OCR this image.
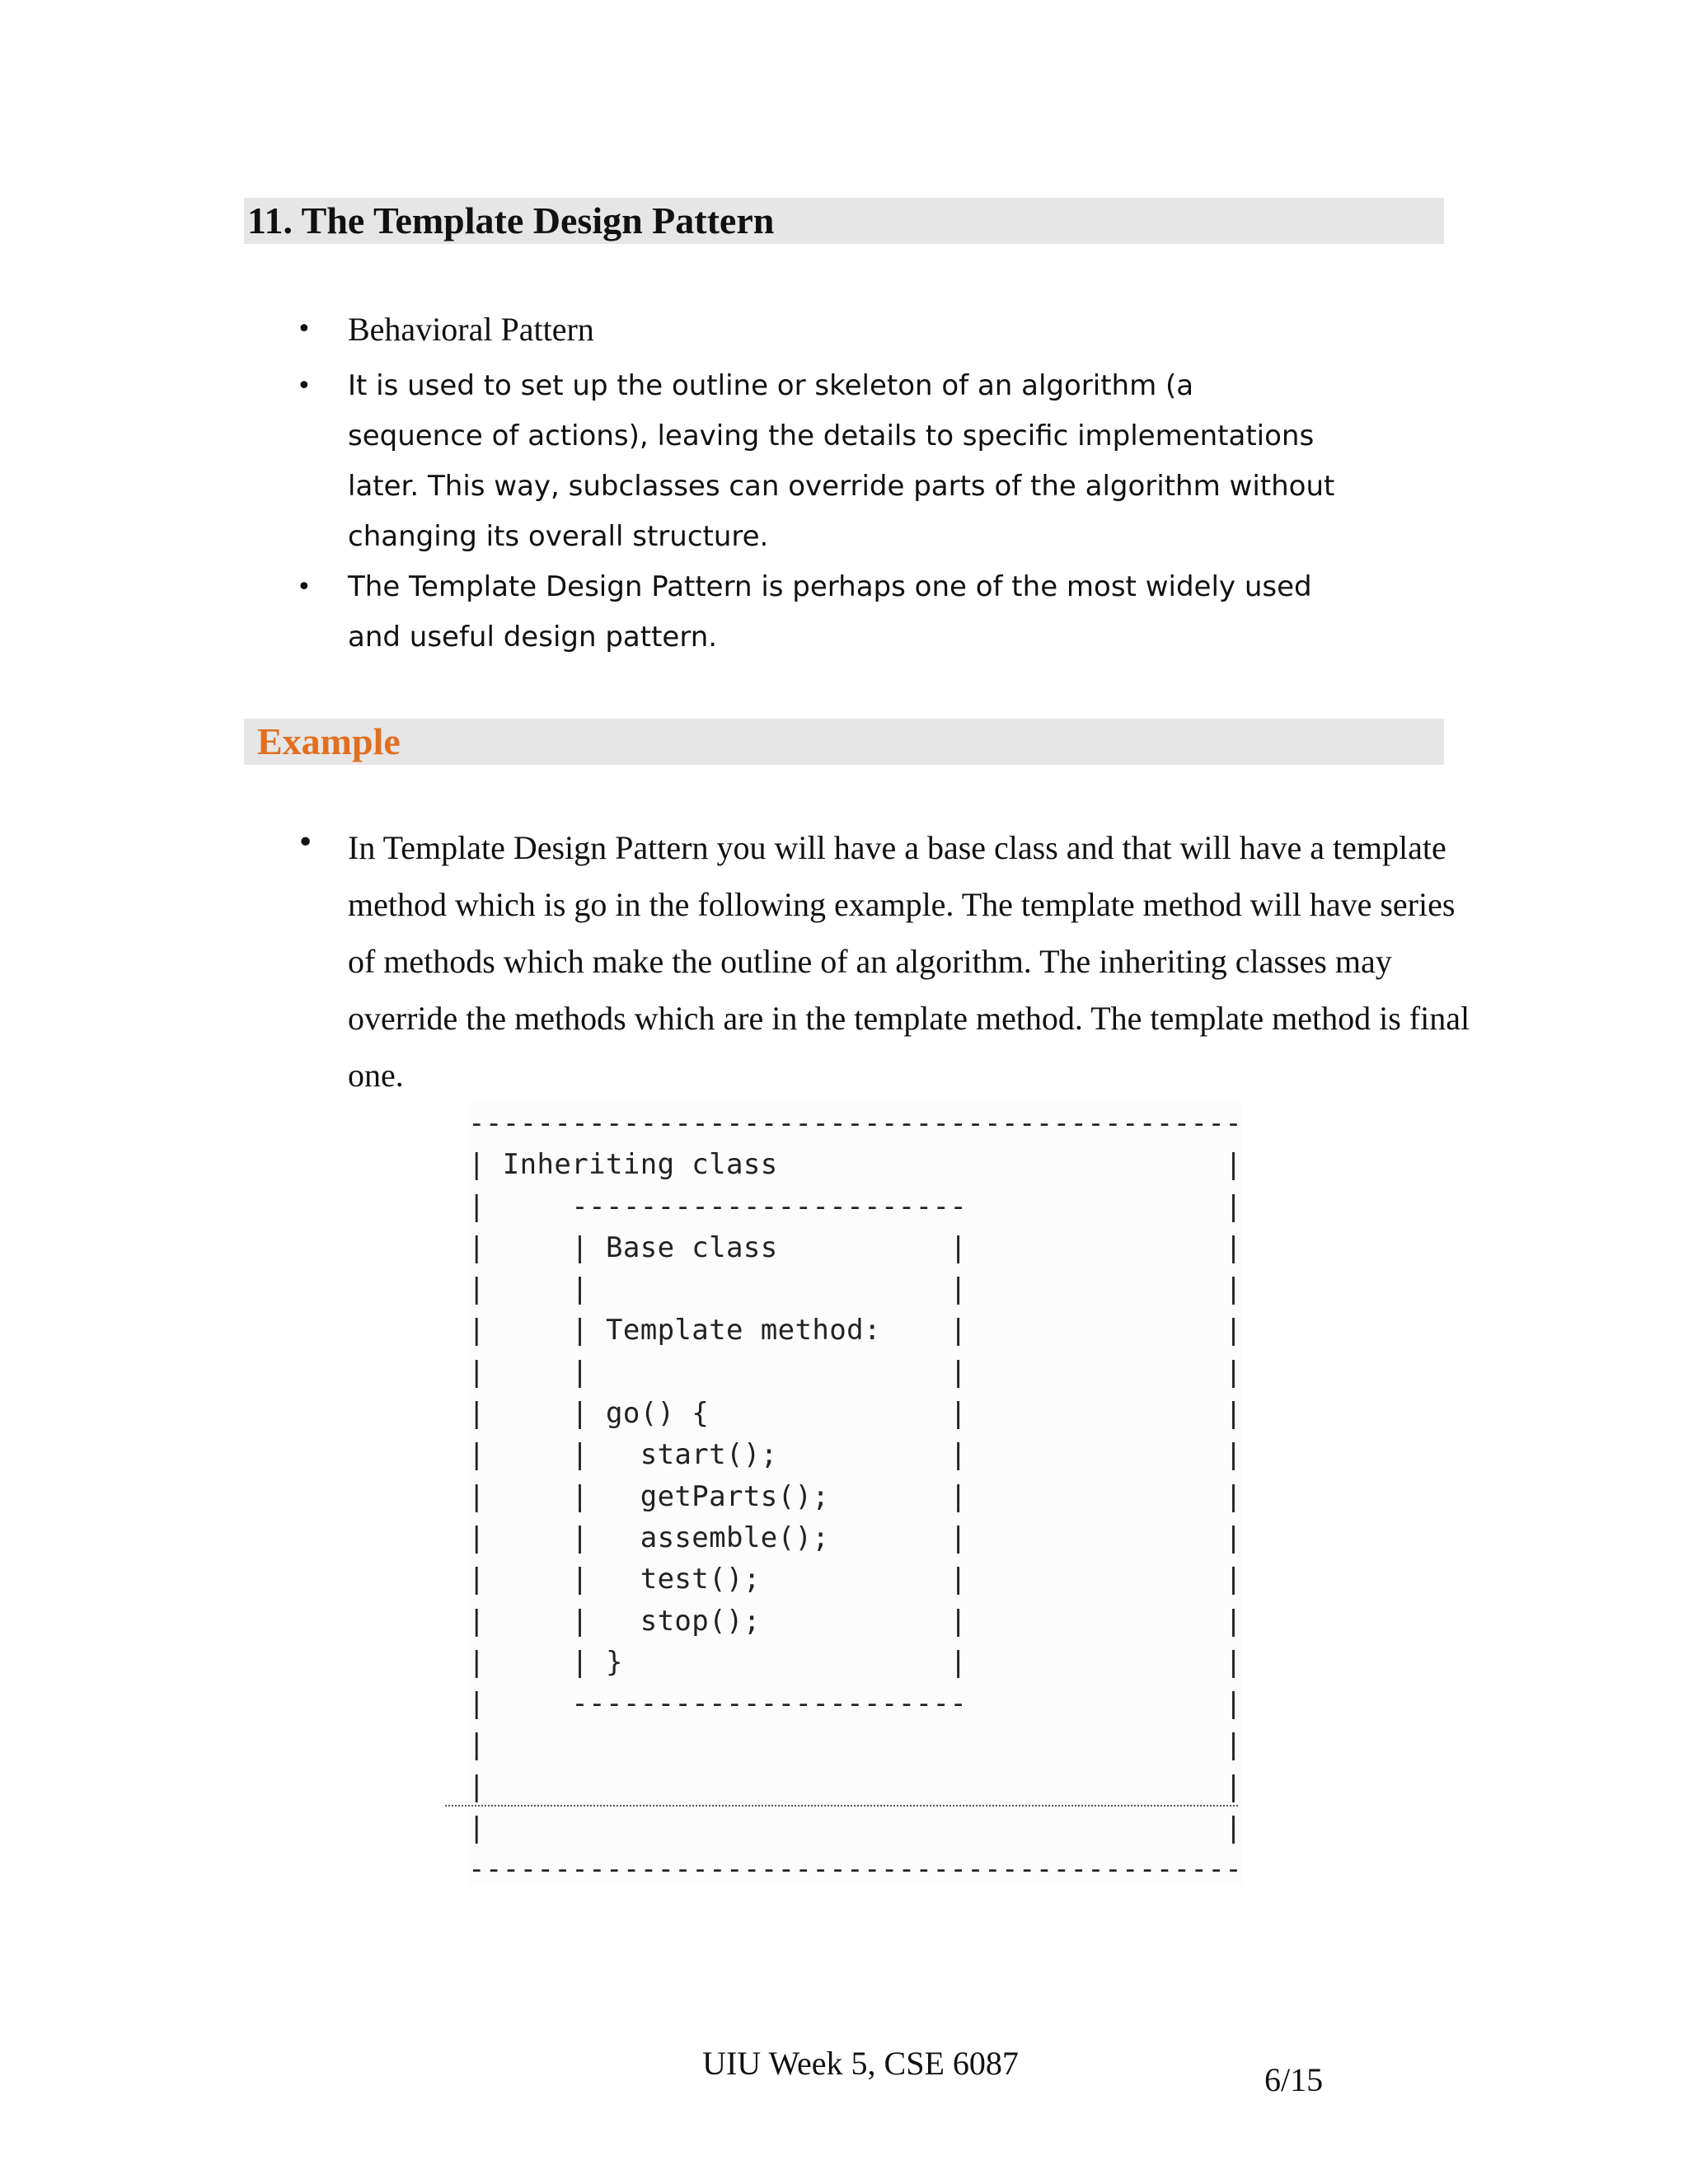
11. The Template Design Pattern
• Behavioral Pattern
• It is used to set up the outline or skeleton of an algorithm (a sequence of actions), leaving the details to specific implementations later. This way, subclasses can override parts of the algorithm without changing its overall structure.
• The Template Design Pattern is perhaps one of the most widely used and useful design pattern.
Example
• In Template Design Pattern you will have a base class and that will have a template method which is go in the following example. The template method will have series of methods which make the outline of an algorithm. The inheriting classes may override the methods which are in the template method. The template method is final one.
---------------------------------------------
| Inheriting class                          |
|     -----------------------               |
|     | Base class          |               |
|     |                     |               |
|     | Template method:    |               |
|     |                     |               |
|     | go() {              |               |
|     |   start();          |               |
|     |   getParts();       |               |
|     |   assemble();       |               |
|     |   test();           |               |
|     |   stop();           |               |
|     | }                   |               |
|     -----------------------               |
|                                           |
|                                           |
|                                           |
---------------------------------------------
UIU Week 5, CSE 6087	6/15
